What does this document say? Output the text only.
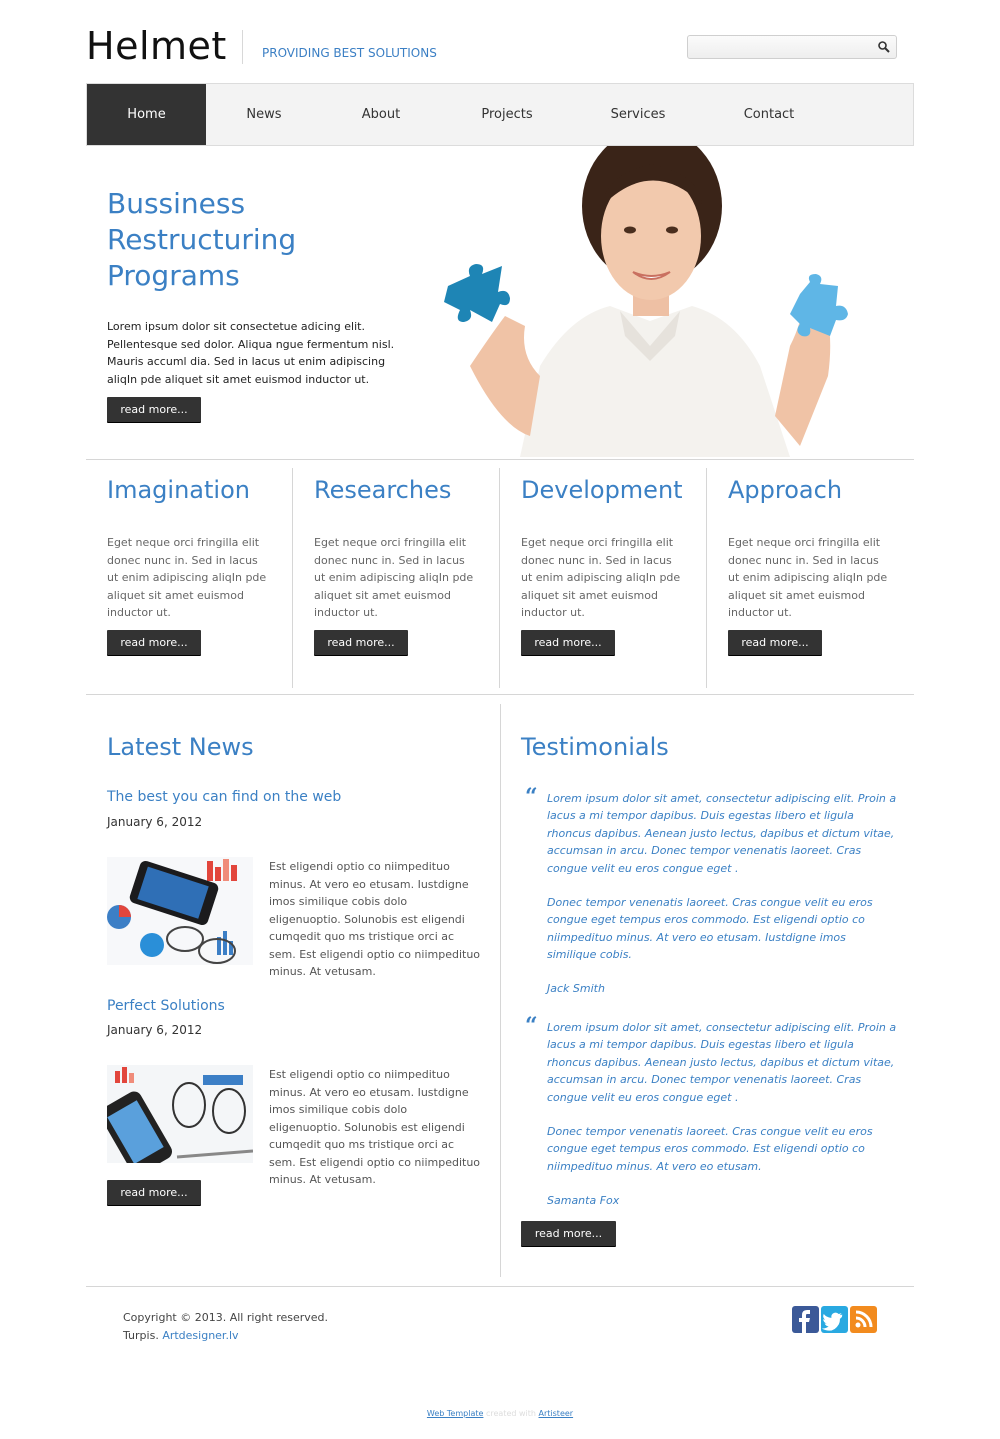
Helmet	PROVIDING BEST SOLUTIONS
Home	News	About	Projects	Services	Contact
Bussiness
Restructuring
Programs
Lorem ipsum dolor sit consectetue adicing elit. Pellentesque sed dolor. Aliqua ngue fermentum nisl. Mauris accuml dia. Sed in lacus ut enim adipiscing aliqIn pde aliquet sit amet euismod inductor ut.
read more...
Imagination
Eget neque orci fringilla elit donec nunc in. Sed in lacus ut enim adipiscing aliqIn pde aliquet sit amet euismod inductor ut.
read more...
Researches
Eget neque orci fringilla elit donec nunc in. Sed in lacus ut enim adipiscing aliqIn pde aliquet sit amet euismod inductor ut.
read more...
Development
Eget neque orci fringilla elit donec nunc in. Sed in lacus ut enim adipiscing aliqIn pde aliquet sit amet euismod inductor ut.
read more...
Approach
Eget neque orci fringilla elit donec nunc in. Sed in lacus ut enim adipiscing aliqIn pde aliquet sit amet euismod inductor ut.
read more...
Latest News
The best you can find on the web
January 6, 2012
Est eligendi optio co niimpedituo minus. At vero eo etusam. Iustdigne imos similique cobis dolo eligenuoptio. Solunobis est eligendi cumqedit quo ms tristique orci ac sem. Est eligendi optio co niimpedituo minus. At vetusam.
Perfect Solutions
January 6, 2012
Est eligendi optio co niimpedituo minus. At vero eo etusam. Iustdigne imos similique cobis dolo eligenuoptio. Solunobis est eligendi cumqedit quo ms tristique orci ac sem. Est eligendi optio co niimpedituo minus. At vetusam.
read more...
Testimonials
“ Lorem ipsum dolor sit amet, consectetur adipiscing elit. Proin a lacus a mi tempor dapibus. Duis egestas libero et ligula rhoncus dapibus. Aenean justo lectus, dapibus et dictum vitae, accumsan in arcu. Donec tempor venenatis laoreet. Cras congue velit eu eros congue eget .
Donec tempor venenatis laoreet. Cras congue velit eu eros congue eget tempus eros commodo. Est eligendi optio co niimpedituo minus. At vero eo etusam. Iustdigne imos similique cobis.
Jack Smith
“ Lorem ipsum dolor sit amet, consectetur adipiscing elit. Proin a lacus a mi tempor dapibus. Duis egestas libero et ligula rhoncus dapibus. Aenean justo lectus, dapibus et dictum vitae, accumsan in arcu. Donec tempor venenatis laoreet. Cras congue velit eu eros congue eget .
Donec tempor venenatis laoreet. Cras congue velit eu eros congue eget tempus eros commodo. Est eligendi optio co niimpedituo minus. At vero eo etusam.
Samanta Fox
read more...
Copyright © 2013. All right reserved.
Turpis. Artdesigner.lv
Web Template created with Artisteer
